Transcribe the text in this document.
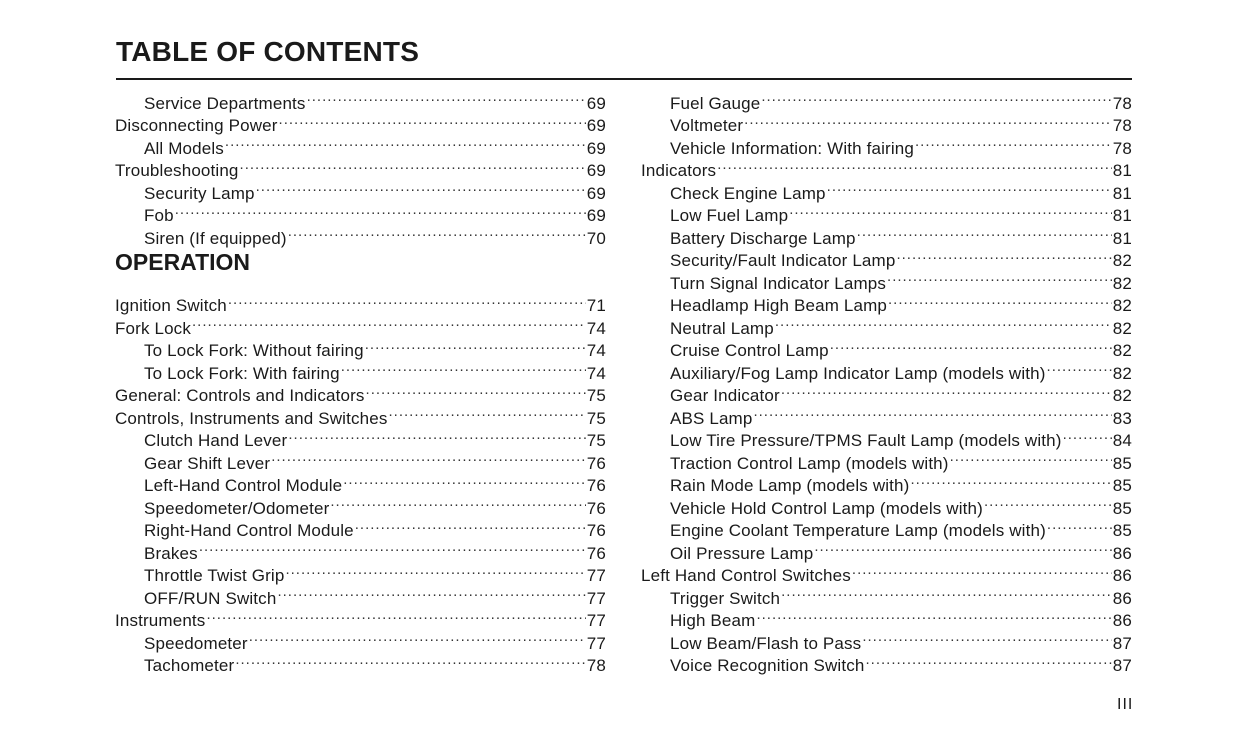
TABLE OF CONTENTS
Service Departments .....	69
Disconnecting Power .....	69
All Models .....	69
Troubleshooting .....	69
Security Lamp .....	69
Fob .....	69
Siren (If equipped) .....	70
OPERATION
Ignition Switch .....	71
Fork Lock .....	74
To Lock Fork: Without fairing .....	74
To Lock Fork: With fairing .....	74
General: Controls and Indicators .....	75
Controls, Instruments and Switches .....	75
Clutch Hand Lever .....	75
Gear Shift Lever .....	76
Left-Hand Control Module .....	76
Speedometer/Odometer .....	76
Right-Hand Control Module .....	76
Brakes .....	76
Throttle Twist Grip .....	77
OFF/RUN Switch .....	77
Instruments .....	77
Speedometer .....	77
Tachometer .....	78
Fuel Gauge .....	78
Voltmeter .....	78
Vehicle Information: With fairing .....	78
Indicators .....	81
Check Engine Lamp .....	81
Low Fuel Lamp .....	81
Battery Discharge Lamp .....	81
Security/Fault Indicator Lamp .....	82
Turn Signal Indicator Lamps .....	82
Headlamp High Beam Lamp .....	82
Neutral Lamp .....	82
Cruise Control Lamp .....	82
Auxiliary/Fog Lamp Indicator Lamp (models with) .....	82
Gear Indicator .....	82
ABS Lamp .....	83
Low Tire Pressure/TPMS Fault Lamp (models with) .....	84
Traction Control Lamp (models with) .....	85
Rain Mode Lamp (models with) .....	85
Vehicle Hold Control Lamp (models with) .....	85
Engine Coolant Temperature Lamp (models with) .....	85
Oil Pressure Lamp .....	86
Left Hand Control Switches .....	86
Trigger Switch .....	86
High Beam .....	86
Low Beam/Flash to Pass .....	87
Voice Recognition Switch .....	87
III
